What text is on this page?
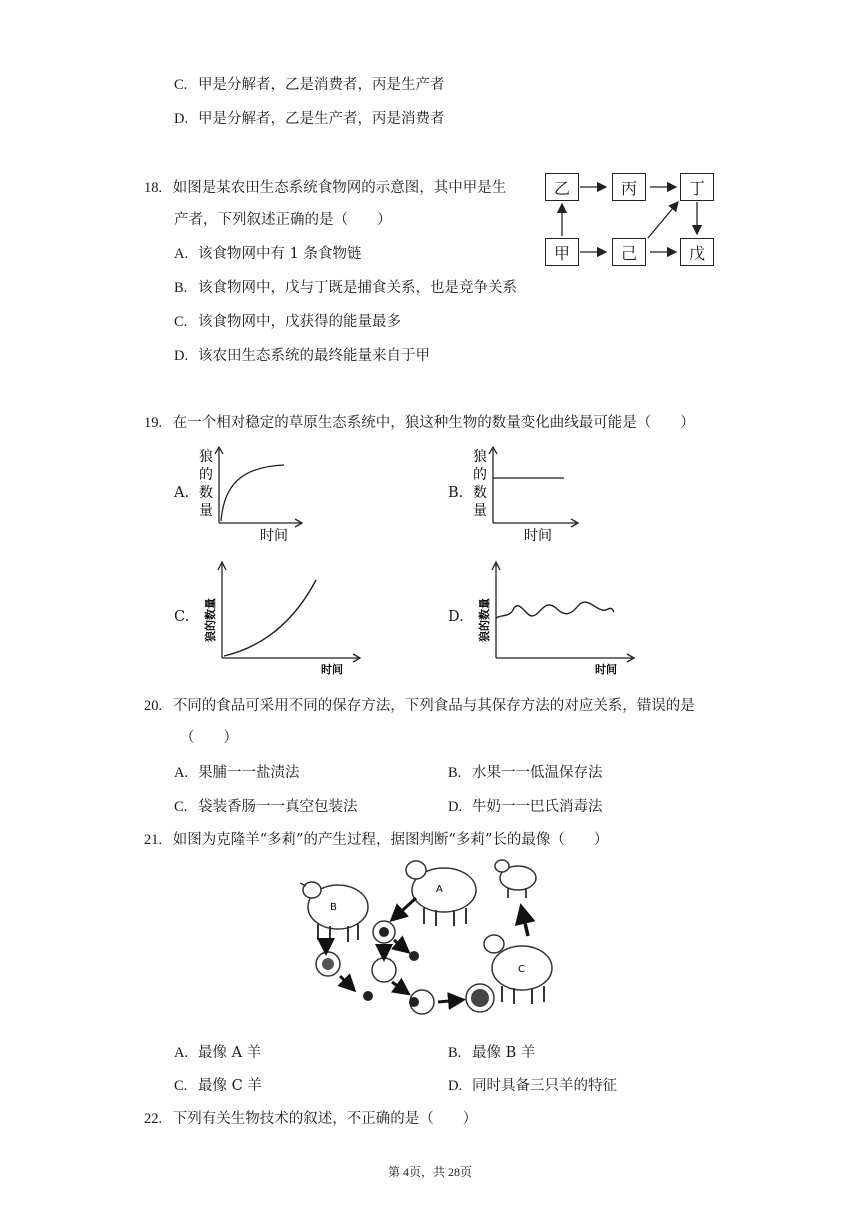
C. 甲是分解者，乙是消费者，丙是生产者
D. 甲是分解者，乙是生产者，丙是消费者
18. 如图是某农田生态系统食物网的示意图，其中甲是生
产者，下列叙述正确的是（　　）
A. 该食物网中有 1 条食物链
B. 该食物网中，戊与丁既是捕食关系，也是竞争关系
C. 该食物网中，戊获得的能量最多
D. 该农田生态系统的最终能量来自于甲
乙	丙	丁
甲	己	戊
19. 在一个相对稳定的草原生态系统中，狼这种生物的数量变化曲线最可能是（　　）
A.	B.
C.	D.
狼
的
数
量
时间
狼
的
数
量
时间
狼的数量
时间
狼的数量
时间
20. 不同的食品可采用不同的保存方法，下列食品与其保存方法的对应关系，错误的是
（　　）
A. 果脯一一盐渍法	B. 水果一一低温保存法
C. 袋装香肠一一真空包装法	D. 牛奶一一巴氏消毒法
21. 如图为克隆羊“多莉”的产生过程，据图判断“多莉”长的最像（　　）
B
A
C
A. 最像 A 羊	B. 最像 B 羊
C. 最像 C 羊	D. 同时具备三只羊的特征
22. 下列有关生物技术的叙述，不正确的是（　　）
第 4页，共 28页
